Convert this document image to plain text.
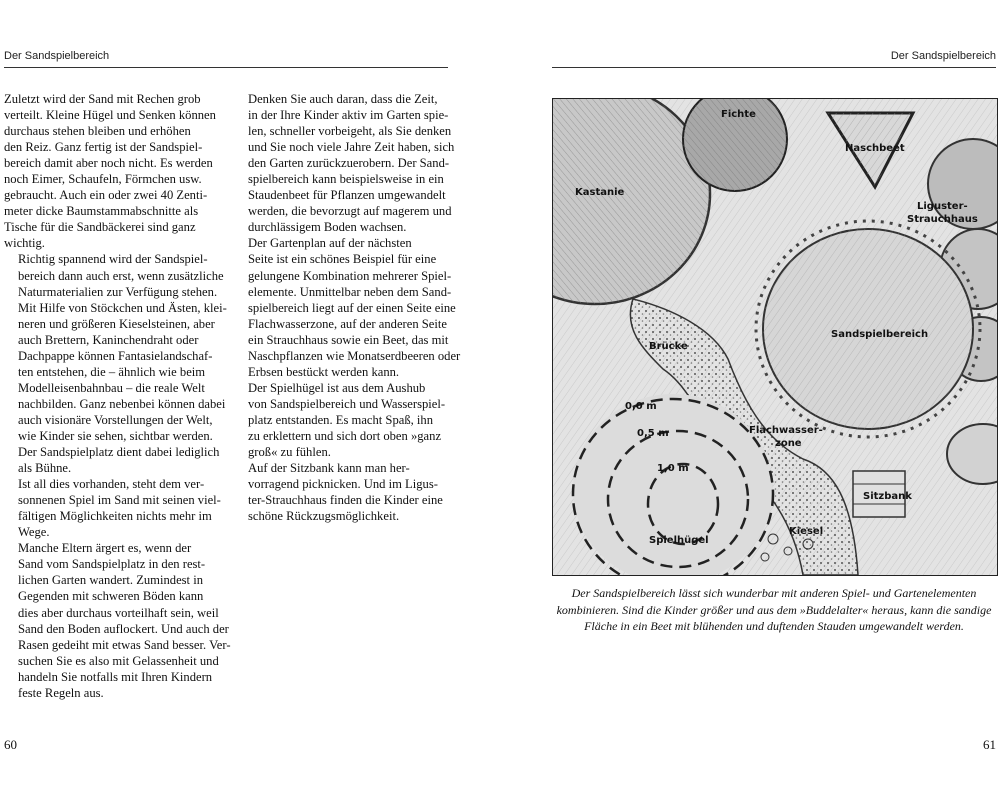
Der Sandspielbereich

Zuletzt wird der Sand mit Rechen grob
verteilt. Kleine Hügel und Senken können
durchaus stehen bleiben und erhöhen
den Reiz. Ganz fertig ist der Sandspiel-
bereich damit aber noch nicht. Es werden
noch Eimer, Schaufeln, Förmchen usw.
gebraucht. Auch ein oder zwei 40 Zenti-
meter dicke Baumstammabschnitte als
Tische für die Sandbäckerei sind ganz
wichtig.

Richtig spannend wird der Sandspiel-
bereich dann auch erst, wenn zusätzliche
Naturmaterialien zur Verfügung stehen.
Mit Hilfe von Stöckchen und Ästen, klei-
neren und größeren Kieselsteinen, aber
auch Brettern, Kaninchendraht oder
Dachpappe können Fantasielandschaf-
ten entstehen, die – ähnlich wie beim
Modelleisenbahnbau – die reale Welt
nachbilden. Ganz nebenbei können dabei
auch visionäre Vorstellungen der Welt,
wie Kinder sie sehen, sichtbar werden.
Der Sandspielplatz dient dabei lediglich
als Bühne.

Ist all dies vorhanden, steht dem ver-
sonnenen Spiel im Sand mit seinen viel-
fältigen Möglichkeiten nichts mehr im
Wege.

Manche Eltern ärgert es, wenn der
Sand vom Sandspielplatz in den rest-
lichen Garten wandert. Zumindest in
Gegenden mit schweren Böden kann
dies aber durchaus vorteilhaft sein, weil
Sand den Boden auflockert. Und auch der
Rasen gedeiht mit etwas Sand besser. Ver-
suchen Sie es also mit Gelassenheit und
handeln Sie notfalls mit Ihren Kindern
feste Regeln aus.

Denken Sie auch daran, dass die Zeit,
in der Ihre Kinder aktiv im Garten spie-
len, schneller vorbeigeht, als Sie denken
und Sie noch viele Jahre Zeit haben, sich
den Garten zurückzuerobern. Der Sand-
spielbereich kann beispielsweise in ein
Staudenbeet für Pflanzen umgewandelt
werden, die bevorzugt auf magerem und
durchlässigem Boden wachsen.

Der Gartenplan auf der nächsten
Seite ist ein schönes Beispiel für eine
gelungene Kombination mehrerer Spiel-
elemente. Unmittelbar neben dem Sand-
spielbereich liegt auf der einen Seite eine
Flachwasserzone, auf der anderen Seite
ein Strauchhaus sowie ein Beet, das mit
Naschpflanzen wie Monatserdbeeren oder
Erbsen bestückt werden kann.

Der Spielhügel ist aus dem Aushub
von Sandspielbereich und Wasserspiel-
platz entstanden. Es macht Spaß, ihn
zu erklettern und sich dort oben »ganz
groß« zu fühlen.

Auf der Sitzbank kann man her-
vorragend picknicken. Und im Ligus-
ter-Strauchhaus finden die Kinder eine
schöne Rückzugsmöglichkeit.

60
Der Sandspielbereich
Fichte
Naschbeet
Kastanie
Liguster-
Strauchhaus
Sandspielbereich
Brücke
0,0 m
0,5 m
1,0 m
Flachwasser-
zone
Sitzbank
Kiesel
Spielhügel
Der Sandspielbereich lässt sich wunderbar mit anderen Spiel- und Gartenelementen
kombinieren. Sind die Kinder größer und aus dem »Buddelalter« heraus, kann die sandige
Fläche in ein Beet mit blühenden und duftenden Stauden umgewandelt werden.
61
